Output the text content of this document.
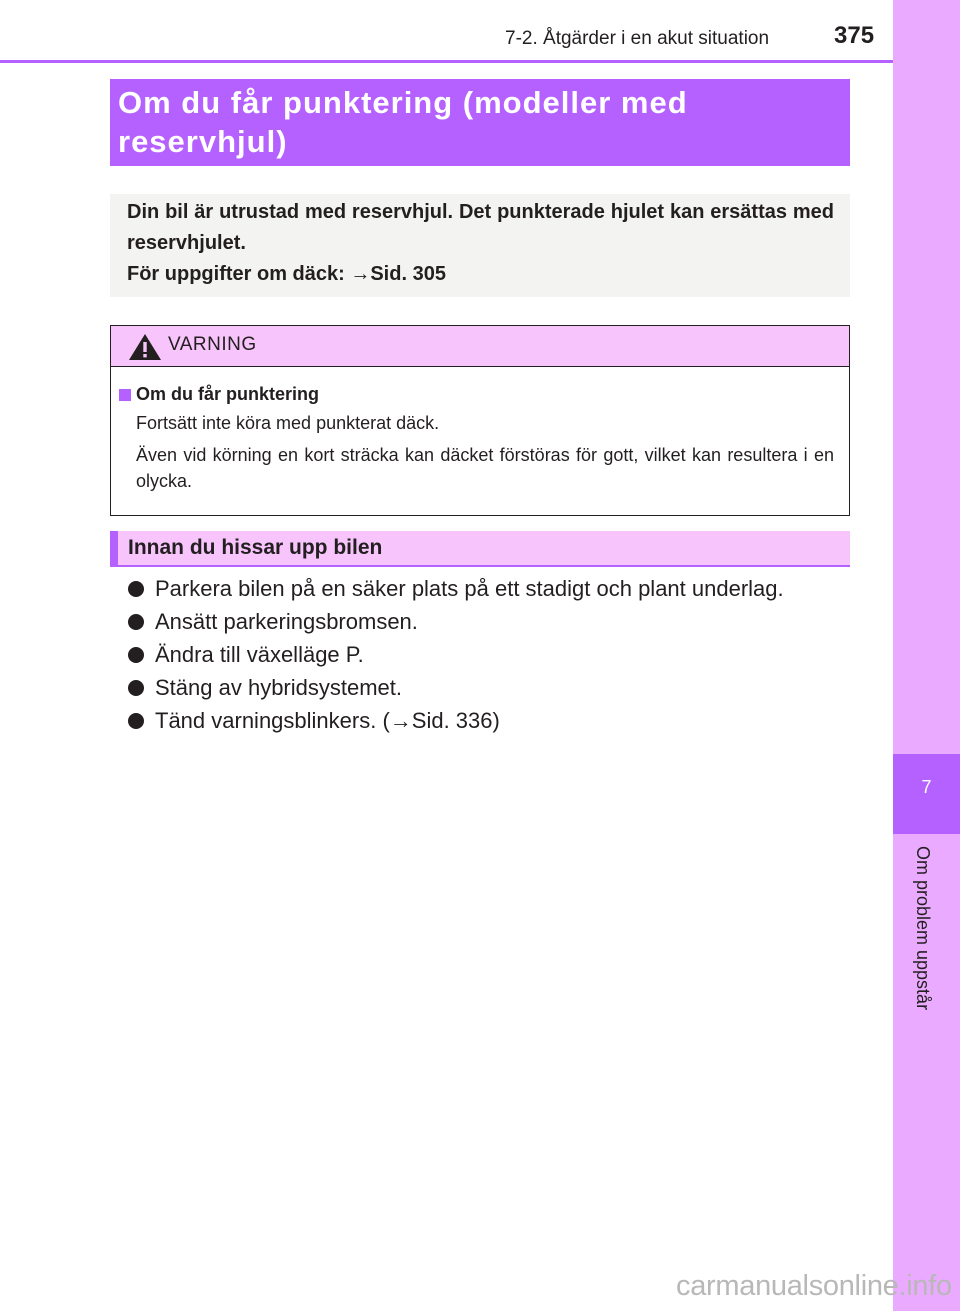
7-2. Åtgärder i en akut situation	375
7
Om problem uppstår
Om du får punktering (modeller med reservhjul)
Din bil är utrustad med reservhjul. Det punkterade hjulet kan ersättas med reservhjulet.
För uppgifter om däck: →Sid. 305
VARNING
Om du får punktering
Fortsätt inte köra med punkterat däck.
Även vid körning en kort sträcka kan däcket förstöras för gott, vilket kan resultera i en olycka.
Innan du hissar upp bilen
Parkera bilen på en säker plats på ett stadigt och plant underlag.
Ansätt parkeringsbromsen.
Ändra till växelläge P.
Stäng av hybridsystemet.
Tänd varningsblinkers. (→Sid. 336)
carmanualsonline.info
